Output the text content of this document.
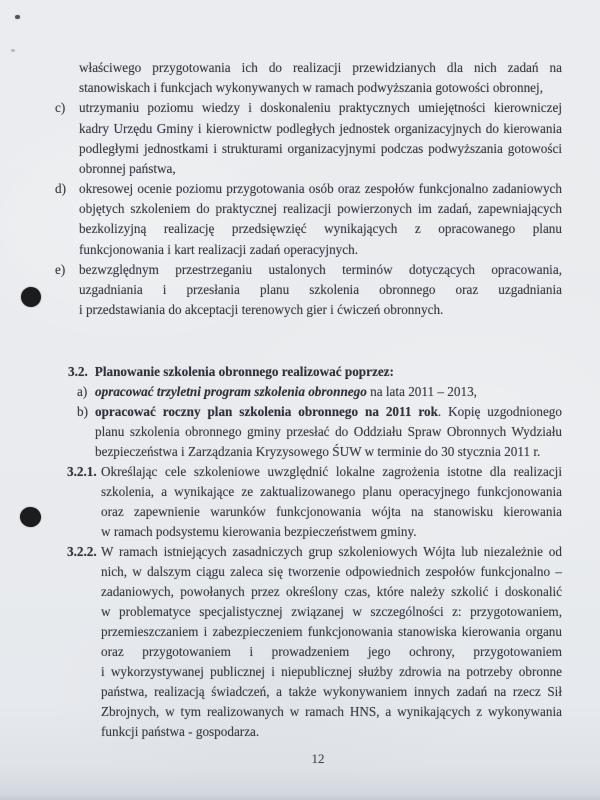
właściwego przygotowania ich do realizacji przewidzianych dla nich zadań na
stanowiskach i funkcjach wykonywanych w ramach podwyższania gotowości obronnej,
c) utrzymaniu poziomu wiedzy i doskonaleniu praktycznych umiejętności kierowniczej
kadry Urzędu Gminy i kierownictw podległych jednostek organizacyjnych do kierowania
podległymi jednostkami i strukturami organizacyjnymi podczas podwyższania gotowości
obronnej państwa,
d) okresowej ocenie poziomu przygotowania osób oraz zespołów funkcjonalno zadaniowych
objętych szkoleniem do praktycznej realizacji powierzonych im zadań, zapewniających
bezkolizyjną realizację przedsięwzięć wynikających z opracowanego planu
funkcjonowania i kart realizacji zadań operacyjnych.
e) bezwzględnym przestrzeganiu ustalonych terminów dotyczących opracowania,
uzgadniania i przesłania planu szkolenia obronnego oraz uzgadniania
i przedstawiania do akceptacji terenowych gier i ćwiczeń obronnych.
3.2. Planowanie szkolenia obronnego realizować poprzez:
a) opracować trzyletni program szkolenia obronnego na lata 2011 – 2013,
b) opracować roczny plan szkolenia obronnego na 2011 rok. Kopię uzgodnionego
planu szkolenia obronnego gminy przesłać do Oddziału Spraw Obronnych Wydziału
bezpieczeństwa i Zarządzania Kryzysowego ŚUW w terminie do 30 stycznia 2011 r.
3.2.1. Określając cele szkoleniowe uwzględnić lokalne zagrożenia istotne dla realizacji
szkolenia, a wynikające ze zaktualizowanego planu operacyjnego funkcjonowania
oraz zapewnienie warunków funkcjonowania wójta na stanowisku kierowania
w ramach podsystemu kierowania bezpieczeństwem gminy.
3.2.2. W ramach istniejących zasadniczych grup szkoleniowych Wójta lub niezależnie od
nich, w dalszym ciągu zaleca się tworzenie odpowiednich zespołów funkcjonalno –
zadaniowych, powołanych przez określony czas, które należy szkolić i doskonalić
w problematyce specjalistycznej związanej w szczególności z: przygotowaniem,
przemieszczaniem i zabezpieczeniem funkcjonowania stanowiska kierowania organu
oraz przygotowaniem i prowadzeniem jego ochrony, przygotowaniem
i wykorzystywanej publicznej i niepublicznej służby zdrowia na potrzeby obronne
państwa, realizacją świadczeń, a także wykonywaniem innych zadań na rzecz Sił
Zbrojnych, w tym realizowanych w ramach HNS, a wynikających z wykonywania
funkcji państwa - gospodarza.
12
